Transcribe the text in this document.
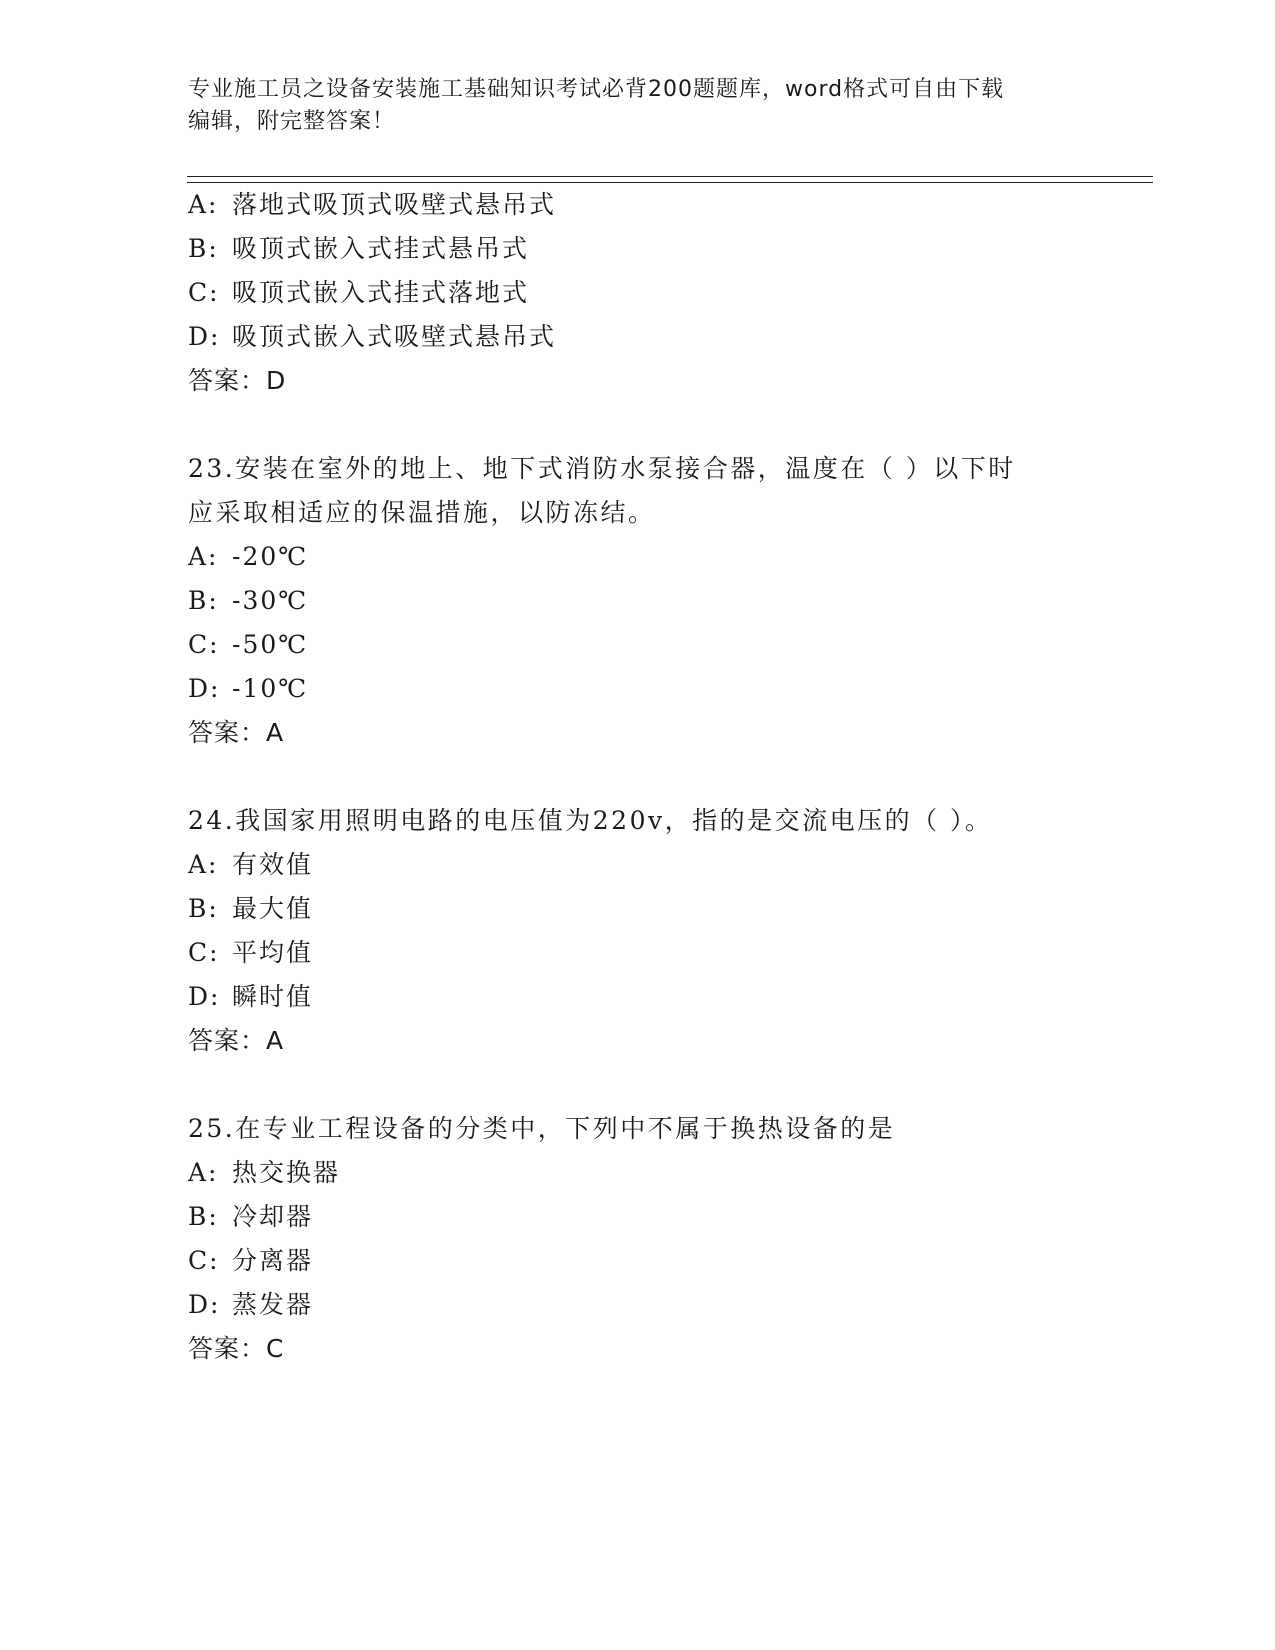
专业施工员之设备安装施工基础知识考试必背200题题库，word格式可自由下载
编辑，附完整答案！
A: 落地式吸顶式吸壁式悬吊式
B: 吸顶式嵌入式挂式悬吊式
C: 吸顶式嵌入式挂式落地式
D: 吸顶式嵌入式吸壁式悬吊式
答案：D
23.安装在室外的地上、地下式消防水泵接合器，温度在（ ）以下时
应采取相适应的保温措施，以防冻结。
A: -20℃
B: -30℃
C: -50℃
D: -10℃
答案：A
24.我国家用照明电路的电压值为220v，指的是交流电压的（ ）。
A: 有效值
B: 最大值
C: 平均值
D: 瞬时值
答案：A
25.在专业工程设备的分类中，下列中不属于换热设备的是
A: 热交换器
B: 冷却器
C: 分离器
D: 蒸发器
答案：C
